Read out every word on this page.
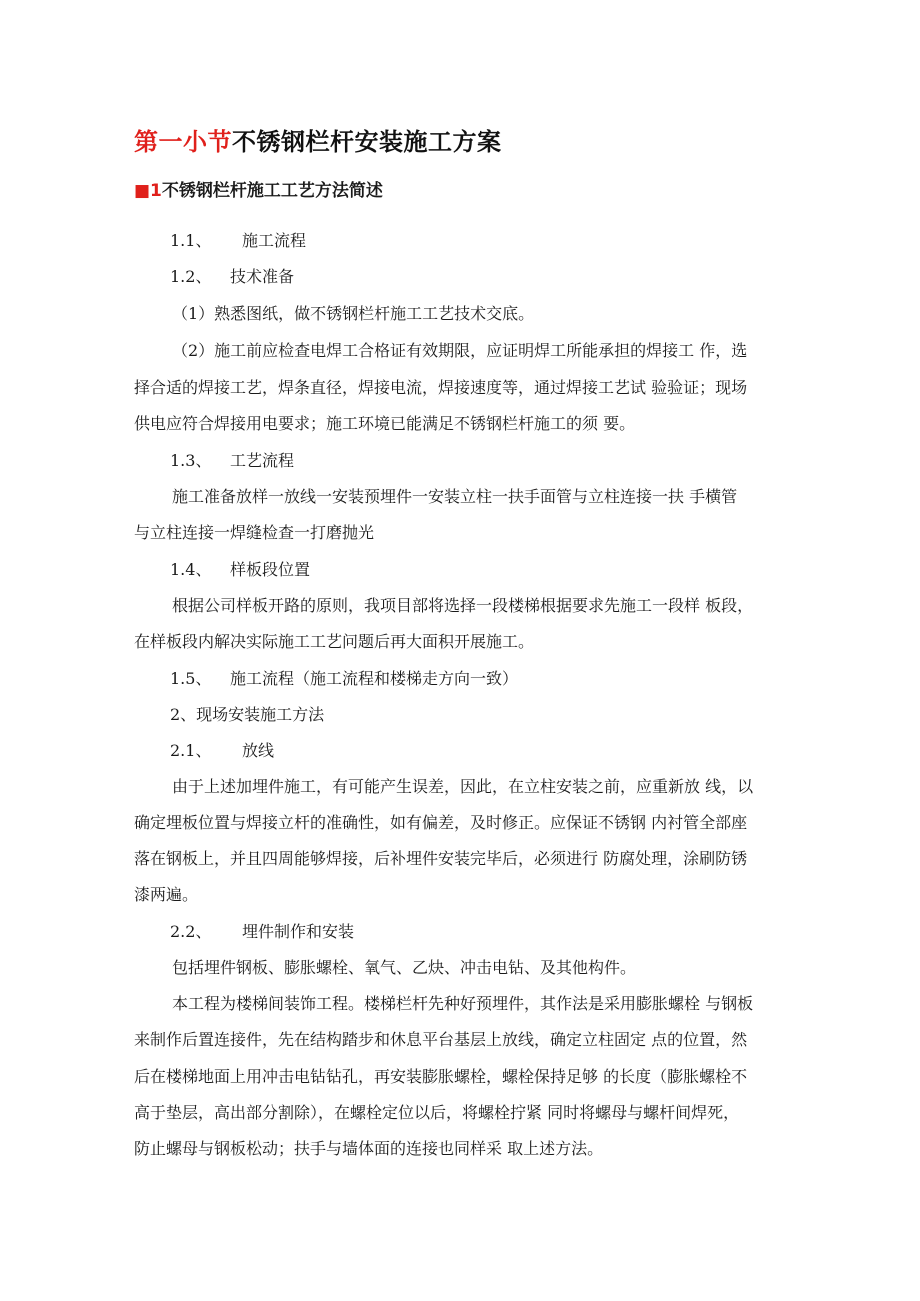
第一小节不锈钢栏杆安装施工方案
■1不锈钢栏杆施工工艺方法简述
1.1、 施工流程
1.2、 技术准备
（1）熟悉图纸，做不锈钢栏杆施工工艺技术交底。
（2）施工前应检查电焊工合格证有效期限，应证明焊工所能承担的焊接工 作，选
择合适的焊接工艺，焊条直径，焊接电流，焊接速度等，通过焊接工艺试 验验证；现场
供电应符合焊接用电要求；施工环境已能满足不锈钢栏杆施工的须 要。
1.3、 工艺流程
施工准备放样一放线一安装预埋件一安装立柱一扶手面管与立柱连接一扶 手横管
与立柱连接一焊缝检查一打磨抛光
1.4、 样板段位置
根据公司样板开路的原则，我项目部将选择一段楼梯根据要求先施工一段样 板段，
在样板段内解决实际施工工艺问题后再大面积开展施工。
1.5、 施工流程（施工流程和楼梯走方向一致）
2、现场安装施工方法
2.1、 放线
由于上述加埋件施工，有可能产生误差，因此，在立柱安装之前，应重新放 线，以
确定埋板位置与焊接立杆的准确性，如有偏差，及时修正。应保证不锈钢 内衬管全部座
落在钢板上，并且四周能够焊接，后补埋件安装完毕后，必须进行 防腐处理，涂刷防锈
漆两遍。
2.2、 埋件制作和安装
包括埋件钢板、膨胀螺栓、氧气、乙炔、冲击电钻、及其他构件。
本工程为楼梯间装饰工程。楼梯栏杆先种好预埋件，其作法是采用膨胀螺栓 与钢板
来制作后置连接件，先在结构踏步和休息平台基层上放线，确定立柱固定 点的位置，然
后在楼梯地面上用冲击电钻钻孔，再安装膨胀螺栓，螺栓保持足够 的长度（膨胀螺栓不
高于垫层，高出部分割除），在螺栓定位以后，将螺栓拧紧 同时将螺母与螺杆间焊死，
防止螺母与钢板松动；扶手与墙体面的连接也同样采 取上述方法。
